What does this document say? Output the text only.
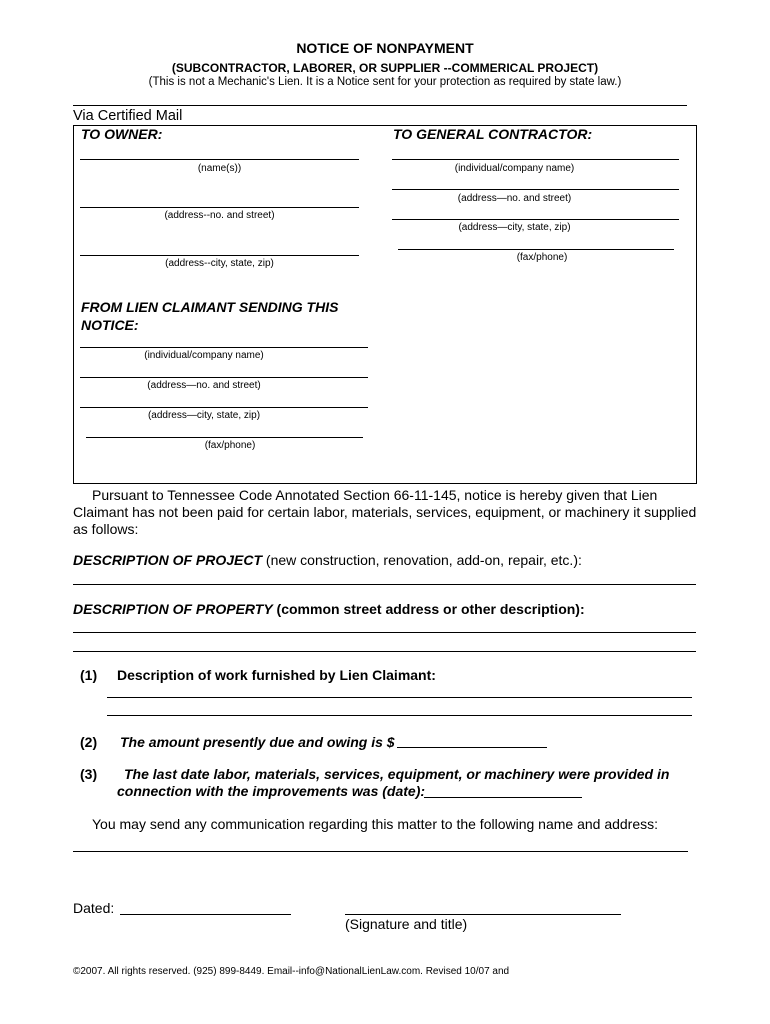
NOTICE OF NONPAYMENT
(SUBCONTRACTOR, LABORER, OR SUPPLIER --COMMERICAL PROJECT)
(This is not a Mechanic's Lien. It is a Notice sent for your protection as required by state law.)
Via Certified Mail
TO OWNER:
(name(s))
(address--no. and street)
(address--city, state, zip)
TO GENERAL CONTRACTOR:
(individual/company name)
(address—no. and street)
(address—city, state, zip)
(fax/phone)
FROM LIEN CLAIMANT SENDING THIS
NOTICE:
(individual/company name)
(address—no. and street)
(address—city, state, zip)
(fax/phone)
Pursuant to Tennessee Code Annotated Section 66-11-145, notice is hereby given that Lien
Claimant has not been paid for certain labor, materials, services, equipment, or machinery it supplied
as follows:
DESCRIPTION OF PROJECT (new construction, renovation, add-on, repair, etc.):
DESCRIPTION OF PROPERTY (common street address or other description):
(1) Description of work furnished by Lien Claimant:
(2) The amount presently due and owing is $
(3) The last date labor, materials, services, equipment, or machinery were provided in
connection with the improvements was (date):
You may send any communication regarding this matter to the following name and address:
Dated:
(Signature and title)
©2007. All rights reserved. (925) 899-8449. Email--info@NationalLienLaw.com. Revised 10/07 and
